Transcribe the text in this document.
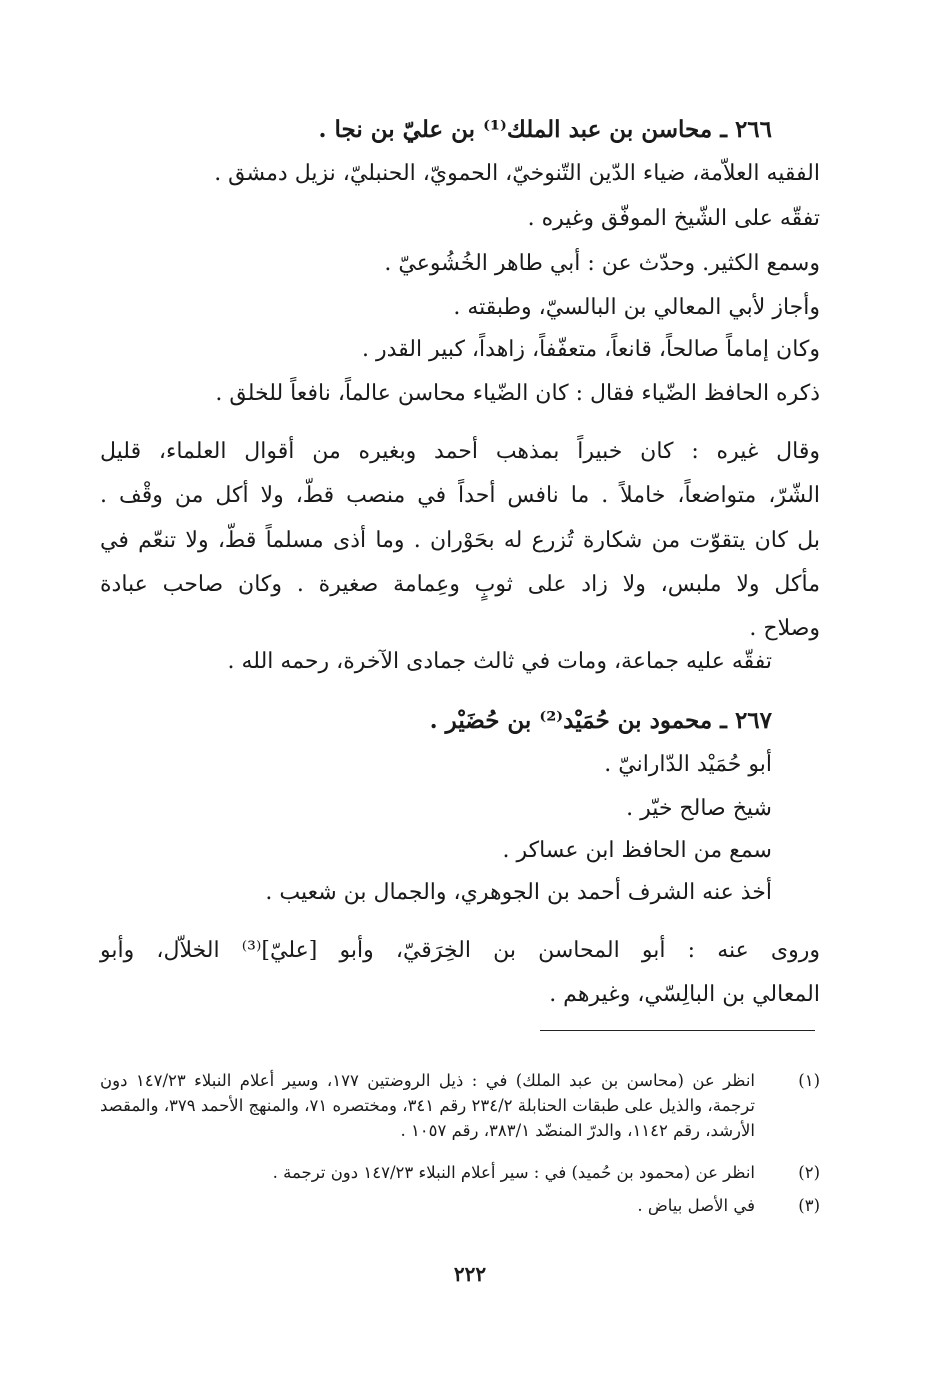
٢٦٦ ـ محاسن بن عبد الملك⁽¹⁾ بن عليّ بن نجا .
الفقيه العلاّمة، ضياء الدّين التّنوخيّ، الحمويّ، الحنبليّ، نزيل دمشق .
تفقّه على الشّيخ الموفّق وغيره .
وسمع الكثير. وحدّث عن : أبي طاهر الخُشُوعيّ .
وأجاز لأبي المعالي بن البالسيّ، وطبقته .
وكان إماماً صالحاً، قانعاً، متعفّفاً، زاهداً، كبير القدر .
ذكره الحافظ الضّياء فقال : كان الضّياء محاسن عالماً، نافعاً للخلق .
وقال غيره : كان خبيراً بمذهب أحمد وبغيره من أقوال العلماء، قليل
الشّرّ، متواضعاً، خاملاً . ما نافس أحداً في منصب قطّ، ولا أكل من وقْف .
بل كان يتقوّت من شكارة تُزرع له بحَوْران . وما أذى مسلماً قطّ، ولا تنعّم في
مأكل ولا ملبس، ولا زاد على ثوبٍ وعِمامة صغيرة . وكان صاحب عبادة
وصلاح .
تفقّه عليه جماعة، ومات في ثالث جمادى الآخرة، رحمه الله .
٢٦٧ ـ محمود بن حُمَيْد⁽²⁾ بن حُضَيْر .
أبو حُمَيْد الدّارانيّ .
شيخ صالح خيّر .
سمع من الحافظ ابن عساكر .
أخذ عنه الشرف أحمد بن الجوهري، والجمال بن شعيب .
وروى عنه : أبو المحاسن بن الخِرَقيّ، وأبو [عليّ]⁽³⁾ الخلاّل، وأبو
المعالي بن البالِسّي، وغيرهم .
(١)
انظر عن (محاسن بن عبد الملك) في : ذيل الروضتين ١٧٧، وسير أعلام النبلاء ١٤٧/٢٣ دون ترجمة، والذيل على طبقات الحنابلة ٢٣٤/٢ رقم ٣٤١، ومختصره ٧١، والمنهج الأحمد ٣٧٩، والمقصد الأرشد، رقم ١١٤٢، والدرّ المنضّد ٣٨٣/١، رقم ١٠٥٧ .
(٢)
انظر عن (محمود بن حُميد) في : سير أعلام النبلاء ١٤٧/٢٣ دون ترجمة .
(٣)
في الأصل بياض .
٢٢٢
